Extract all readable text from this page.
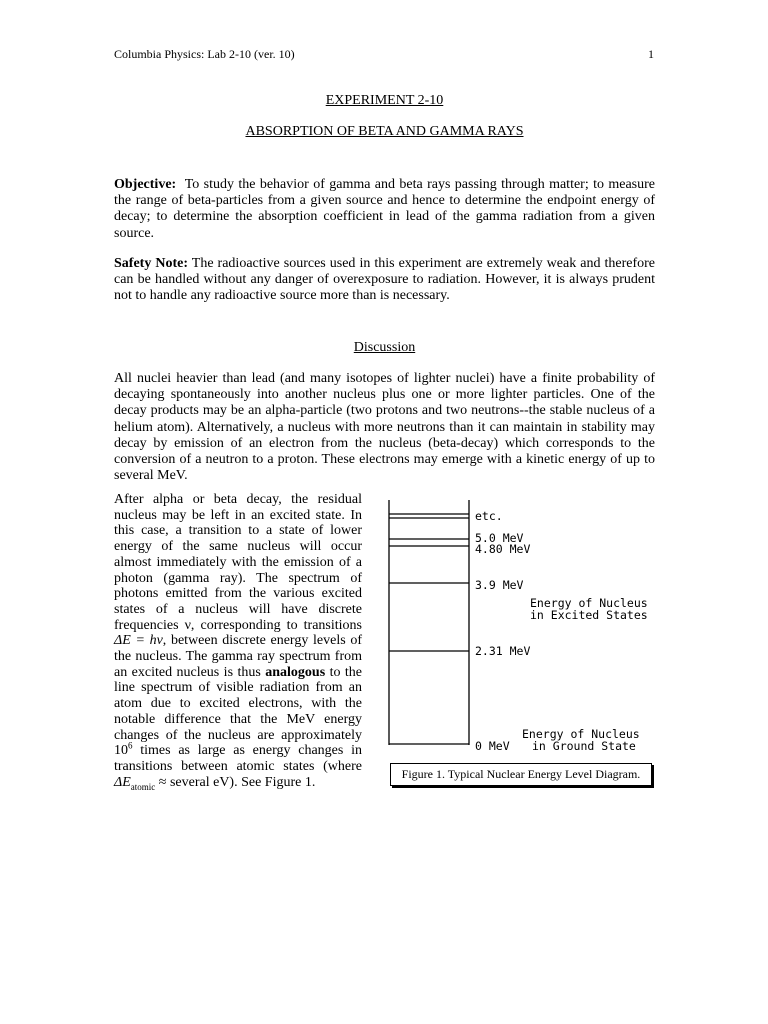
Columbia Physics: Lab 2-10 (ver. 10)	1
EXPERIMENT 2-10
ABSORPTION OF BETA AND GAMMA RAYS

Objective: To study the behavior of gamma and beta rays passing through matter; to measure the range of beta-particles from a given source and hence to determine the endpoint energy of decay; to determine the absorption coefficient in lead of the gamma radiation from a given source.

Safety Note: The radioactive sources used in this experiment are extremely weak and therefore can be handled without any danger of overexposure to radiation. However, it is always prudent not to handle any radioactive source more than is necessary.

Discussion

All nuclei heavier than lead (and many isotopes of lighter nuclei) have a finite probability of decaying spontaneously into another nucleus plus one or more lighter particles. One of the decay products may be an alpha-particle (two protons and two neutrons--the stable nucleus of a helium atom). Alternatively, a nucleus with more neutrons than it can maintain in stability may decay by emission of an electron from the nucleus (beta-decay) which corresponds to the conversion of a neutron to a proton. These electrons may emerge with a kinetic energy of up to several MeV.

After alpha or beta decay, the residual nucleus may be left in an excited state. In this case, a transition to a state of lower energy of the same nucleus will occur almost immediately with the emission of a photon (gamma ray). The spectrum of photons emitted from the various excited states of a nucleus will have discrete frequencies ν, corresponding to transitions ΔE = hν, between discrete energy levels of the nucleus. The gamma ray spectrum from an excited nucleus is thus analogous to the line spectrum of visible radiation from an atom due to excited electrons, with the notable difference that the MeV energy changes of the nucleus are approximately $10^6$ times as large as energy changes in transitions between atomic states (where $\Delta E_{atomic}$ ≈ several eV). See Figure 1.

etc.
5.0 MeV
4.80 MeV
3.9 MeV
Energy of Nucleus
in Excited States
2.31 MeV
Energy of Nucleus
0 MeV in Ground State
Figure 1. Typical Nuclear Energy Level Diagram.
